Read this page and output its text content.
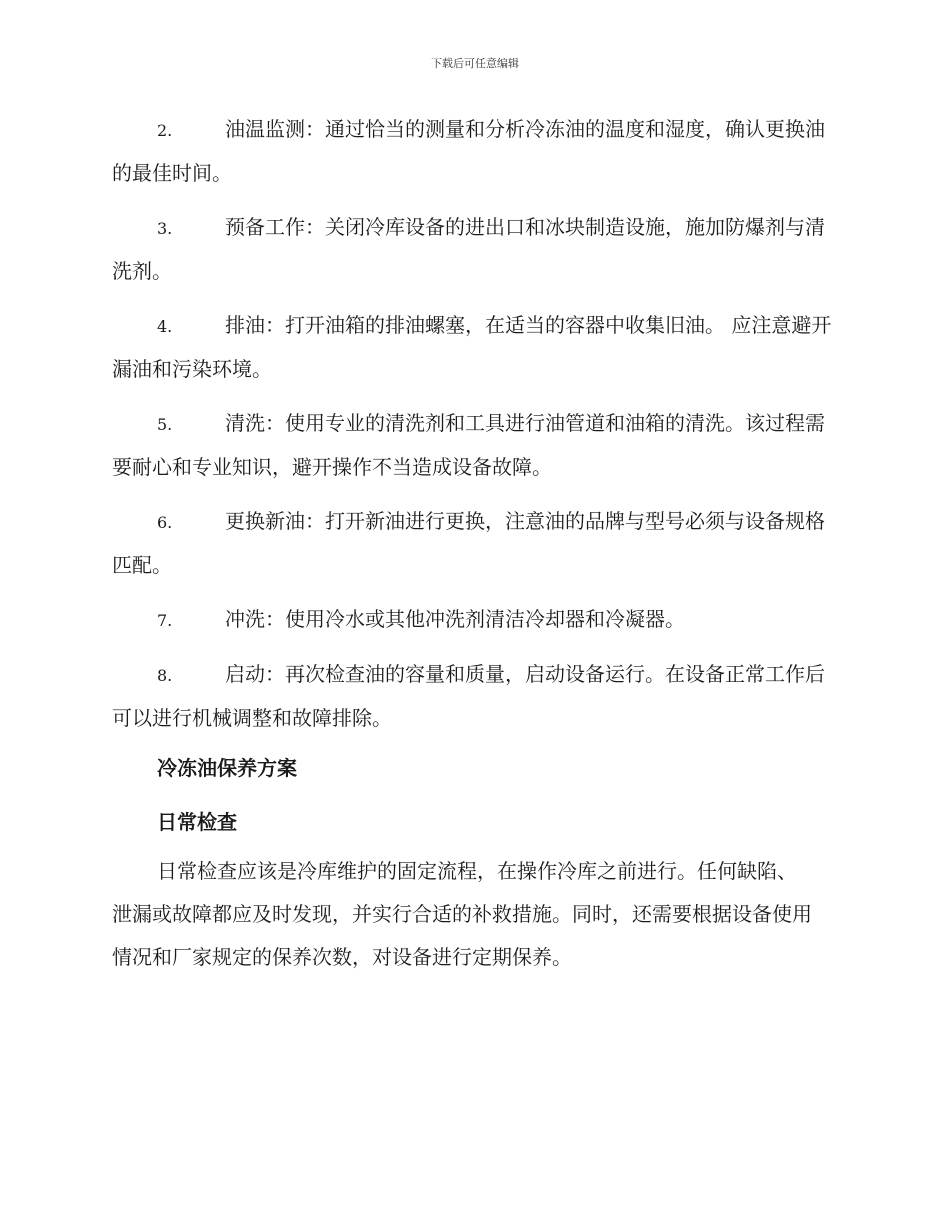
下载后可任意编辑
2.	油温监测：通过恰当的测量和分析冷冻油的温度和湿度，确认更换油的最佳时间。
3.	预备工作：关闭冷库设备的进出口和冰块制造设施，施加防爆剂与清洗剂。
4.	排油：打开油箱的排油螺塞，在适当的容器中收集旧油。 应注意避开漏油和污染环境。
5.	清洗：使用专业的清洗剂和工具进行油管道和油箱的清洗。该过程需要耐心和专业知识，避开操作不当造成设备故障。
6.	更换新油：打开新油进行更换，注意油的品牌与型号必须与设备规格匹配。
7.	冲洗：使用冷水或其他冲洗剂清洁冷却器和冷凝器。
8.	启动：再次检查油的容量和质量，启动设备运行。在设备正常工作后可以进行机械调整和故障排除。
冷冻油保养方案
日常检查
日常检查应该是冷库维护的固定流程，在操作冷库之前进行。任何缺陷、泄漏或故障都应及时发现，并实行合适的补救措施。同时，还需要根据设备使用情况和厂家规定的保养次数，对设备进行定期保养。
